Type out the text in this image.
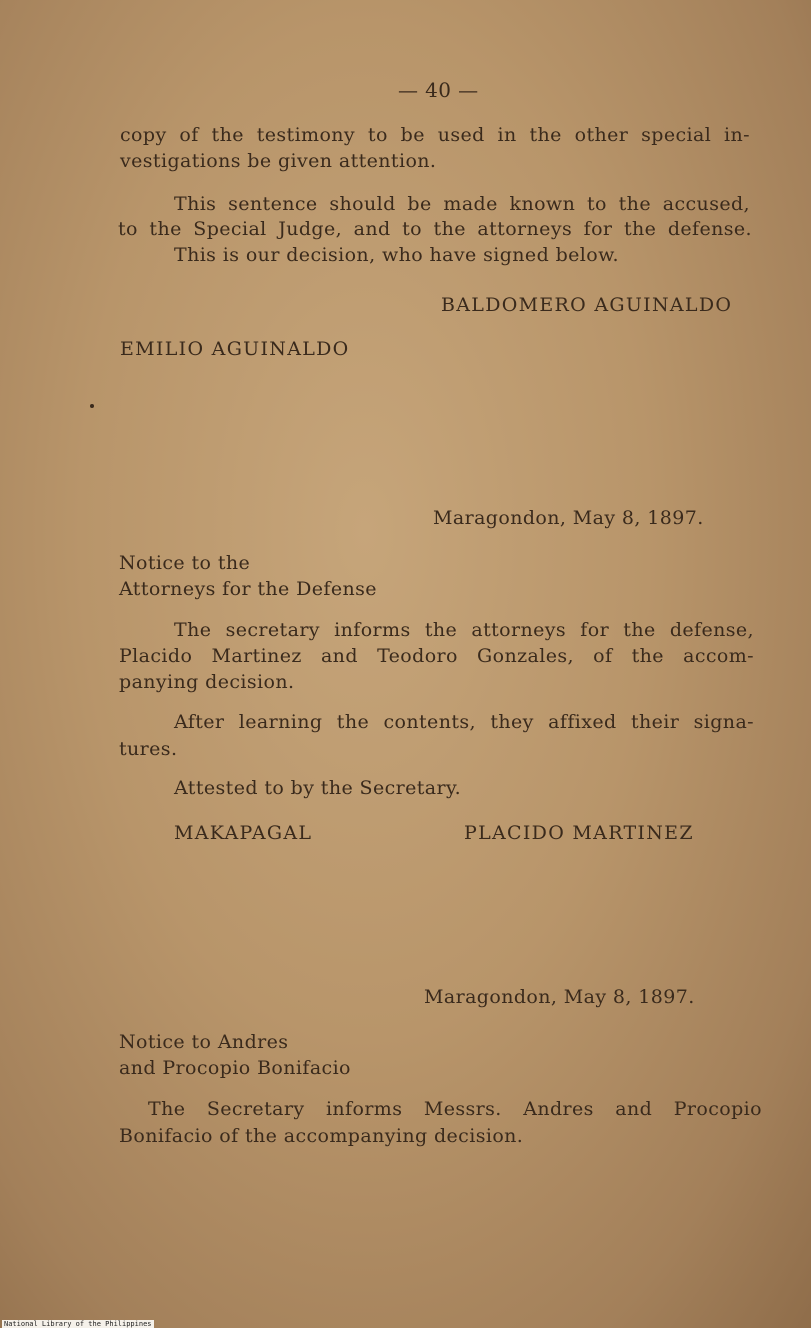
— 40 —
copy of the testimony to be used in the other special in-
vestigations be given attention.
This sentence should be made known to the accused,
to the Special Judge, and to the attorneys for the defense.
This is our decision, who have signed below.
BALDOMERO AGUINALDO
EMILIO AGUINALDO
Maragondon, May 8, 1897.
Notice to the
Attorneys for the Defense
The secretary informs the attorneys for the defense,
Placido Martinez and Teodoro Gonzales, of the accom-
panying decision.
After learning the contents, they affixed their signa-
tures.
Attested to by the Secretary.
MAKAPAGAL	PLACIDO MARTINEZ
Maragondon, May 8, 1897.
Notice to Andres
and Procopio Bonifacio
The Secretary informs Messrs. Andres and Procopio
Bonifacio of the accompanying decision.
National Library of the Philippines
